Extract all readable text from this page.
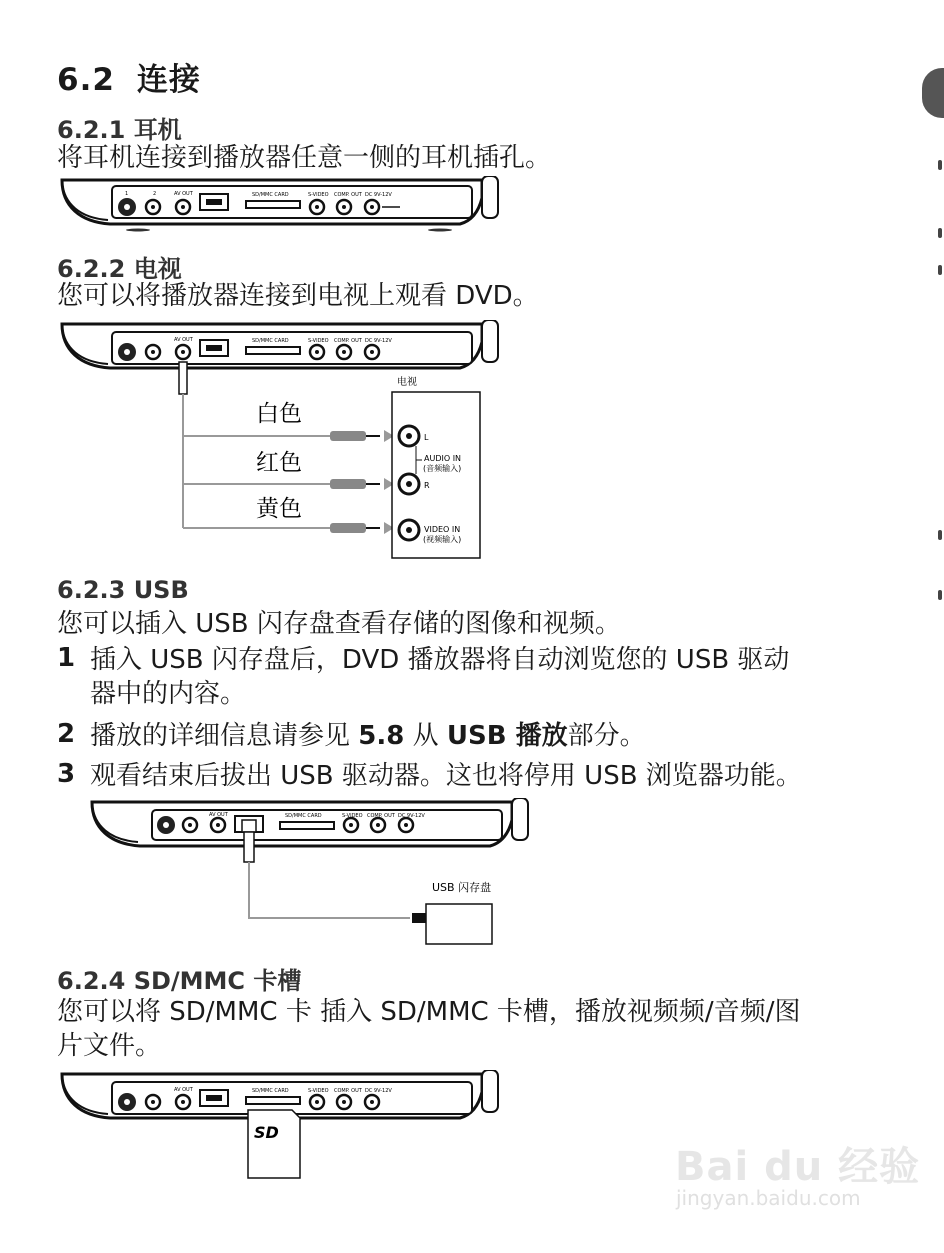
6.2 连接
6.2.1 耳机
将耳机连接到播放器任意一侧的耳机插孔。
1	2	AV OUT	SD/MMC CARD	S-VIDEO COMP. OUT DC 9V-12V
6.2.2 电视
您可以将播放器连接到电视上观看 DVD。
AV OUT	SD/MMC CARD	S-VIDEO COMP. OUT DC 9V-12V
电视
L
R
AUDIO IN
(音频输入)
VIDEO IN
(视频输入)
白色
红色
黄色
6.2.3 USB
您可以插入 USB 闪存盘查看存储的图像和视频。
1 插入 USB 闪存盘后，DVD 播放器将自动浏览您的 USB 驱动
器中的内容。
2 播放的详细信息请参见 5.8 从 USB 播放部分。
3 观看结束后拔出 USB 驱动器。这也将停用 USB 浏览器功能。
AV OUT	SD/MMC CARD	S-VIDEO COMP. OUT DC 9V-12V
USB 闪存盘
6.2.4 SD/MMC 卡槽
您可以将 SD/MMC 卡 插入 SD/MMC 卡槽，播放视频频/音频/图
片文件。
AV OUT	SD/MMC CARD	S-VIDEO COMP. OUT DC 9V-12V
SD
Bai du 经验
jingyan.baidu.com
